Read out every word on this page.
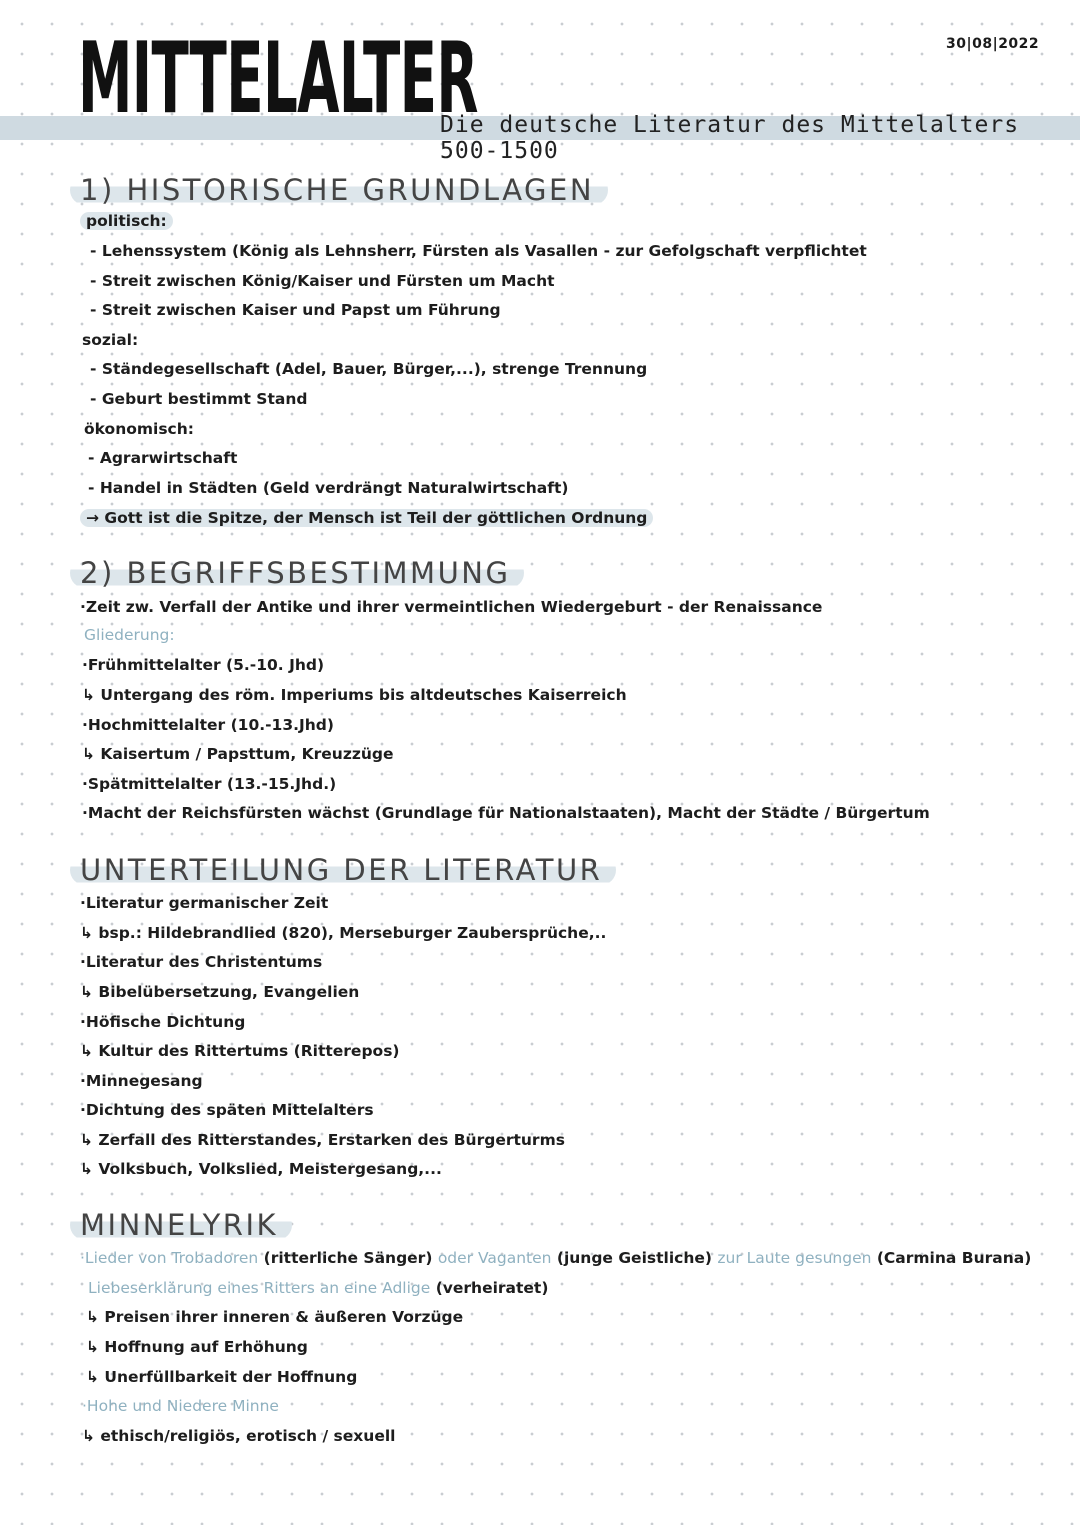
30|08|2022
MITTELALTER
Die deutsche Literatur des Mittelalters 500-1500
1) HISTORISCHE GRUNDLAGEN
politisch:
- Lehenssystem (König als Lehnsherr, Fürsten als Vasallen - zur Gefolgschaft verpflichtet
- Streit zwischen König/Kaiser und Fürsten um Macht
- Streit zwischen Kaiser und Papst um Führung
sozial:
- Ständegesellschaft (Adel, Bauer, Bürger,...), strenge Trennung
- Geburt bestimmt Stand
ökonomisch:
- Agrarwirtschaft
- Handel in Städten (Geld verdrängt Naturalwirtschaft)
→ Gott ist die Spitze, der Mensch ist Teil der göttlichen Ordnung
2) BEGRIFFSBESTIMMUNG
·Zeit zw. Verfall der Antike und ihrer vermeintlichen Wiedergeburt - der Renaissance
Gliederung:
·Frühmittelalter (5.-10. Jhd)
↳ Untergang des röm. Imperiums bis altdeutsches Kaiserreich
·Hochmittelalter (10.-13.Jhd)
↳ Kaisertum / Papsttum, Kreuzzüge
·Spätmittelalter (13.-15.Jhd.)
·Macht der Reichsfürsten wächst (Grundlage für Nationalstaaten), Macht der Städte / Bürgertum
UNTERTEILUNG DER LITERATUR
·Literatur germanischer Zeit
↳ bsp.: Hildebrandlied (820), Merseburger Zaubersprüche,..
·Literatur des Christentums
↳ Bibelübersetzung, Evangelien
·Höfische Dichtung
↳ Kultur des Rittertums (Ritterepos)
·Minnegesang
·Dichtung des späten Mittelalters
↳ Zerfall des Ritterstandes, Erstarken des Bürgerturms
↳ Volksbuch, Volkslied, Meistergesang,...
MINNELYRIK
·Lieder von Trobadoren (ritterliche Sänger) oder Vaganten (junge Geistliche) zur Laute gesungen (Carmina Burana)
Liebeserklärung eines Ritters an eine Adlige (verheiratet)
↳ Preisen ihrer inneren & äußeren Vorzüge
↳ Hoffnung auf Erhöhung
↳ Unerfüllbarkeit der Hoffnung
·Hohe und Niedere Minne
↳ ethisch/religiös, erotisch / sexuell
